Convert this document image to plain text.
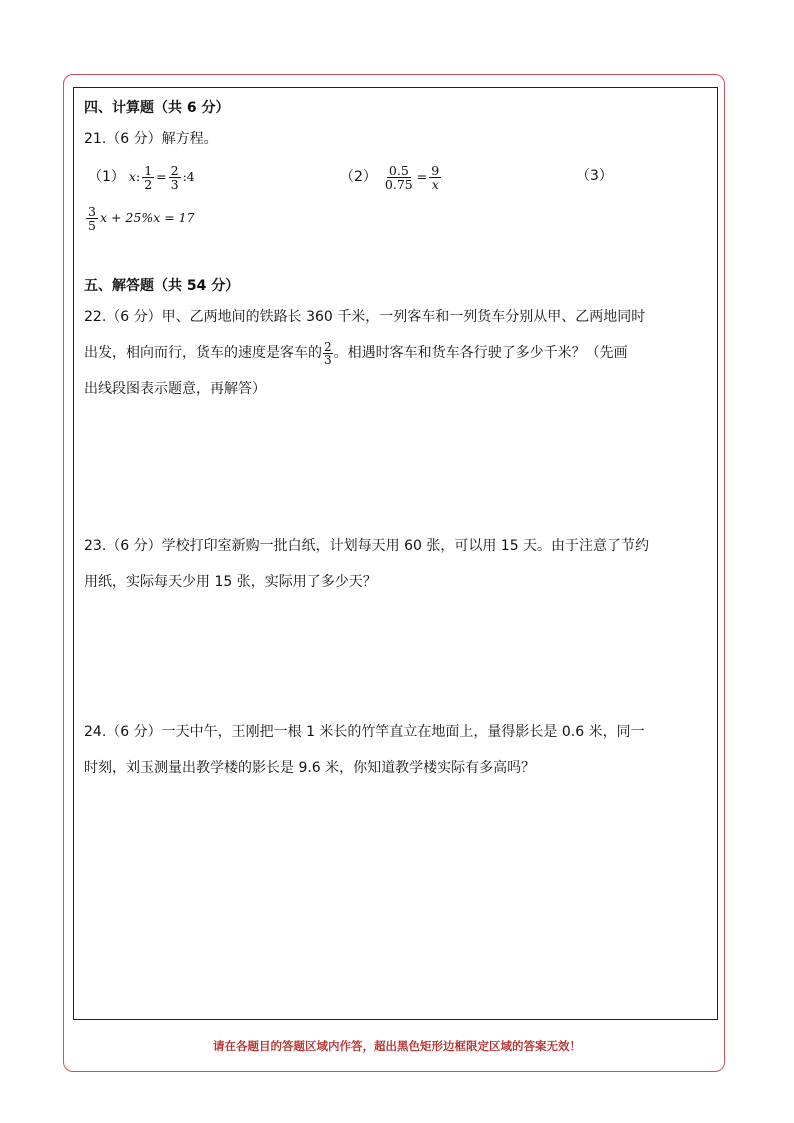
四、计算题（共 6 分）
21.（6 分）解方程。
（1） x : $\frac{1}{2} = \frac{2}{3}$ :4	$(2) \frac{0.5}{0.75} = \frac{9}{x}$	（3）
$\frac{3}{5}$ x + 25%x = 17
五、解答题（共 54 分）
22.（6 分）甲、乙两地间的铁路长 360 千米，一列客车和一列货车分别从甲、乙两地同时
出发，相向而行，货车的速度是客车的 $\frac{2}{3}$ 。相遇时客车和货车各行驶了多少千米？（先画
出线段图表示题意，再解答）
23.（6 分）学校打印室新购一批白纸，计划每天用 60 张，可以用 15 天。由于注意了节约
用纸，实际每天少用 15 张，实际用了多少天？
24.（6 分）一天中午，王刚把一根 1 米长的竹竿直立在地面上，量得影长是 0.6 米，同一
时刻，刘玉测量出教学楼的影长是 9.6 米，你知道教学楼实际有多高吗？
请在各题目的答题区域内作答，超出黑色矩形边框限定区域的答案无效！
